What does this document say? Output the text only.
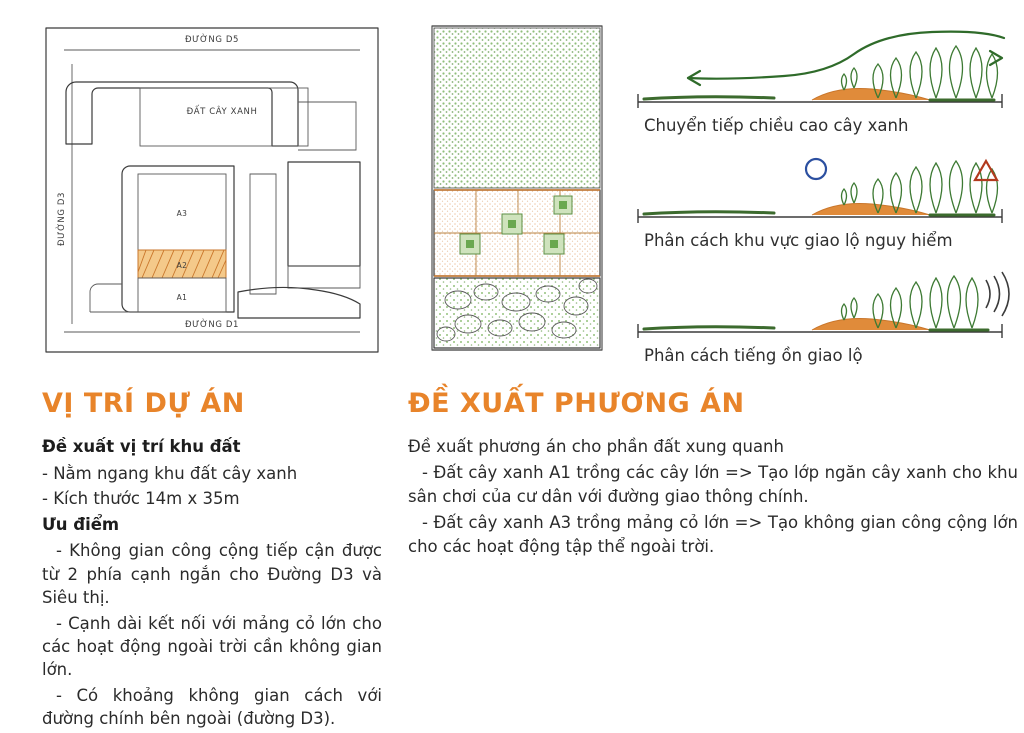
ĐƯỜNG D5
ĐƯỜNG D3
ĐƯỜNG D1
ĐẤT CÂY XANH
A3
A2
A1
Chuyển tiếp chiều cao cây xanh
Phân cách khu vực giao lộ nguy hiểm
Phân cách tiếng ồn giao lộ
VỊ TRÍ DỰ ÁN

Đề xuất vị trí khu đất

- Nằm ngang khu đất cây xanh

- Kích thước 14m x 35m

Ưu điểm

- Không gian công cộng tiếp cận được từ 2 phía cạnh ngắn cho Đường D3 và Siêu thị.

- Cạnh dài kết nối với mảng cỏ lớn cho các hoạt động ngoài trời cần không gian lớn.

- Có khoảng không gian cách với đường chính bên ngoài (đường D3).

ĐỀ XUẤT PHƯƠNG ÁN

Đề xuất phương án cho phần đất xung quanh

- Đất cây xanh A1 trồng các cây lớn => Tạo lớp ngăn cây xanh cho khu sân chơi của cư dân với đường giao thông chính.

- Đất cây xanh A3 trồng mảng cỏ lớn => Tạo không gian công cộng lớn cho các hoạt động tập thể ngoài trời.
